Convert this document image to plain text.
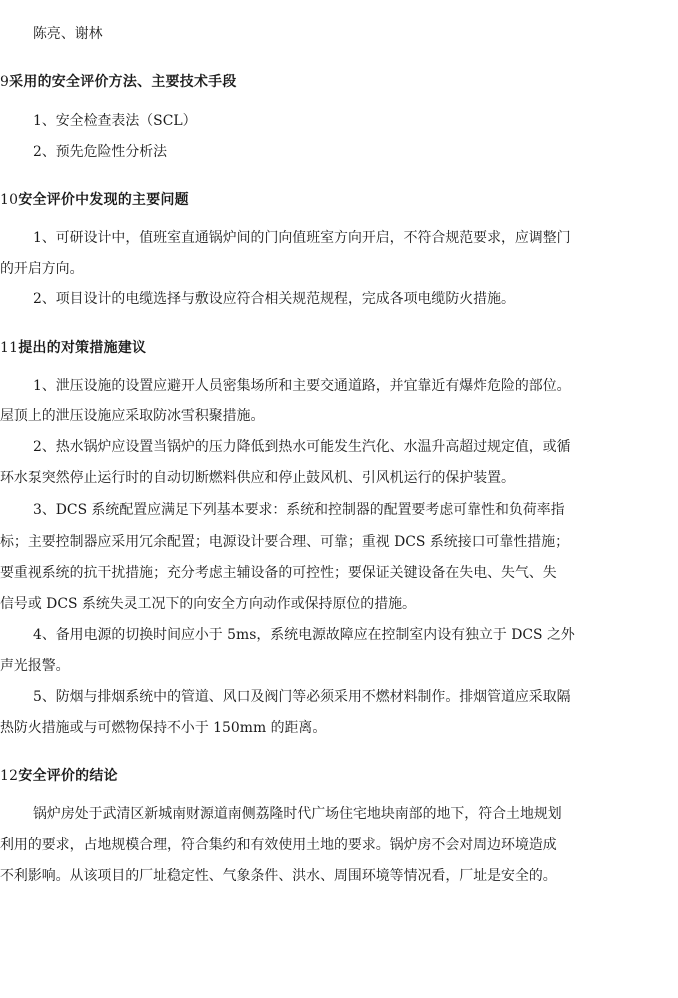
陈亮、谢林
9采用的安全评价方法、主要技术手段
1、安全检查表法（SCL）
2、预先危险性分析法
10安全评价中发现的主要问题
1、可研设计中，值班室直通锅炉间的门向值班室方向开启，不符合规范要求，应调整门
的开启方向。
2、项目设计的电缆选择与敷设应符合相关规范规程，完成各项电缆防火措施。
11提出的对策措施建议
1、泄压设施的设置应避开人员密集场所和主要交通道路，并宜靠近有爆炸危险的部位。
屋顶上的泄压设施应采取防冰雪积聚措施。
2、热水锅炉应设置当锅炉的压力降低到热水可能发生汽化、水温升高超过规定值，或循
环水泵突然停止运行时的自动切断燃料供应和停止鼓风机、引风机运行的保护装置。
3、DCS 系统配置应满足下列基本要求：系统和控制器的配置要考虑可靠性和负荷率指
标；主要控制器应采用冗余配置；电源设计要合理、可靠；重视 DCS 系统接口可靠性措施；
要重视系统的抗干扰措施；充分考虑主辅设备的可控性；要保证关键设备在失电、失气、失
信号或 DCS 系统失灵工况下的向安全方向动作或保持原位的措施。
4、备用电源的切换时间应小于 5ms，系统电源故障应在控制室内设有独立于 DCS 之外
声光报警。
5、防烟与排烟系统中的管道、风口及阀门等必须采用不燃材料制作。排烟管道应采取隔
热防火措施或与可燃物保持不小于 150mm 的距离。
12安全评价的结论
锅炉房处于武清区新城南财源道南侧荔隆时代广场住宅地块南部的地下，符合土地规划
利用的要求，占地规模合理，符合集约和有效使用土地的要求。锅炉房不会对周边环境造成
不利影响。从该项目的厂址稳定性、气象条件、洪水、周围环境等情况看，厂址是安全的。
